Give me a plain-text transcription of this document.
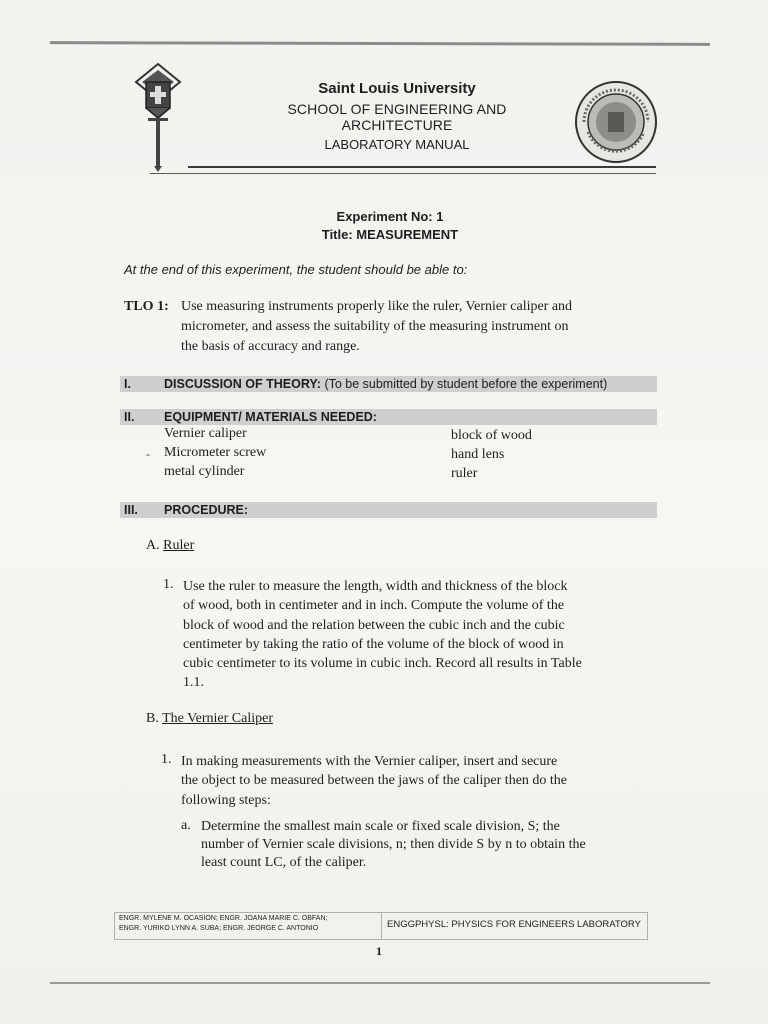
Saint Louis University
SCHOOL OF ENGINEERING AND ARCHITECTURE
LABORATORY MANUAL
Experiment No: 1
Title: MEASUREMENT
At the end of this experiment, the student should be able to:
TLO 1: Use measuring instruments properly like the ruler, Vernier caliper and
micrometer, and assess the suitability of the measuring instrument on
the basis of accuracy and range.
I.	DISCUSSION OF THEORY: (To be submitted by student before the experiment)
II. EQUIPMENT/ MATERIALS NEEDED:
Vernier caliper
Micrometer screw
metal cylinder
block of wood
hand lens
ruler
-
III. PROCEDURE:
A. Ruler
1. Use the ruler to measure the length, width and thickness of the block
of wood, both in centimeter and in inch. Compute the volume of the
block of wood and the relation between the cubic inch and the cubic
centimeter by taking the ratio of the volume of the block of wood in
cubic centimeter to its volume in cubic inch. Record all results in Table
1.1.
B. The Vernier Caliper
1. In making measurements with the Vernier caliper, insert and secure
the object to be measured between the jaws of the caliper then do the
following steps:
a. Determine the smallest main scale or fixed scale division, S; the
number of Vernier scale divisions, n; then divide S by n to obtain the
least count LC, of the caliper.
ENGR. MYLENE M. OCASION; ENGR. JOANA MARIE C. OBFAN;
ENGR. YURIKO LYNN A. SUBA; ENGR. JEORGE C. ANTONIO	ENGGPHYSL: PHYSICS FOR ENGINEERS LABORATORY
1
